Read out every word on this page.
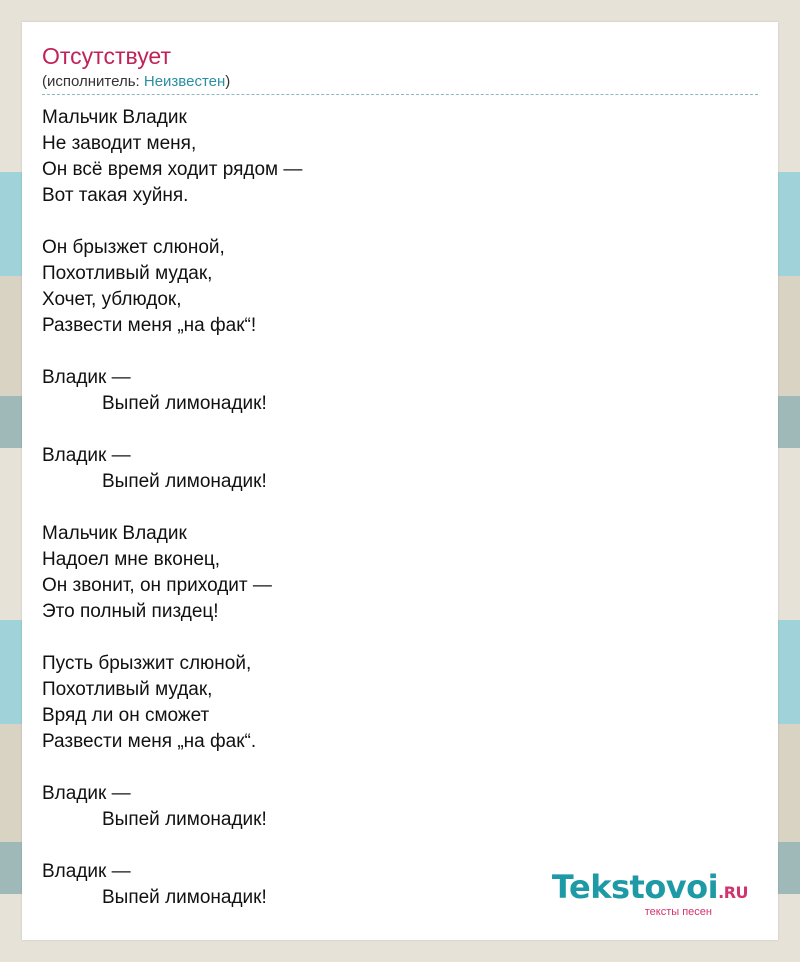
Отсутствует
(исполнитель: Неизвестен)
Мальчик Владик
Не заводит меня,
Он всё время ходит рядом —
Вот такая хуйня.
Он брызжет слюной,
Похотливый мудак,
Хочет, ублюдок,
Развести меня „на фак“!
Владик —
Выпей лимонадик!
Владик —
Выпей лимонадик!
Мальчик Владик
Надоел мне вконец,
Он звонит, он приходит —
Это полный пиздец!
Пусть брызжит слюной,
Похотливый мудак,
Вряд ли он сможет
Развести меня „на фак“.
Владик —
Выпей лимонадик!
Владик —
Выпей лимонадик!	Tekstovoi.RU
тексты песен
